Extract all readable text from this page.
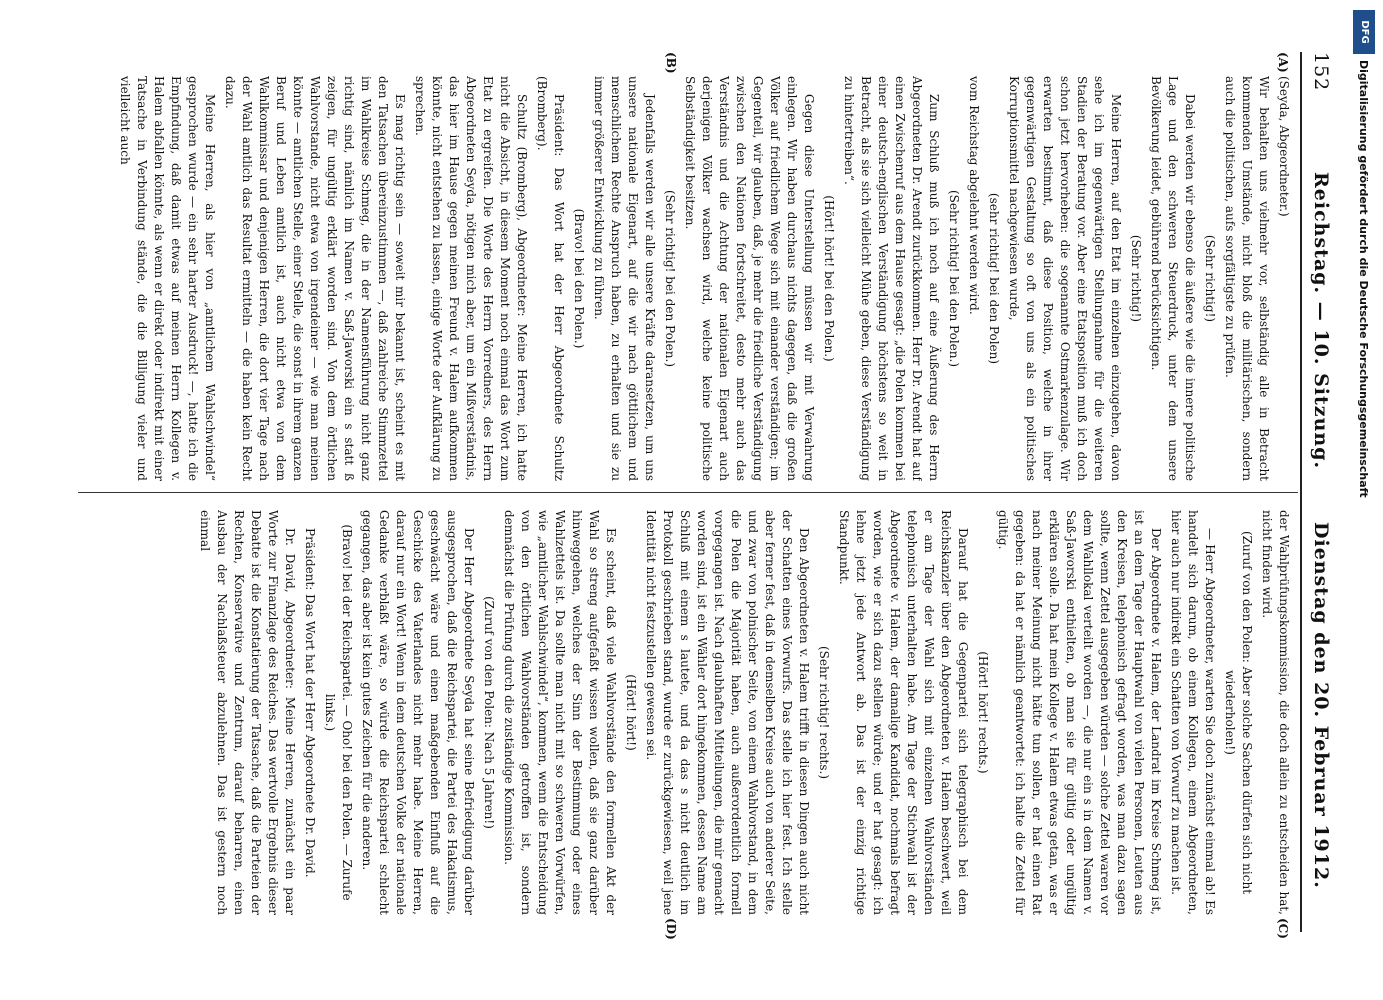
152
Reichstag. — 10. Sitzung.
Dienstag den 20. Februar 1912.
(A)
(B)
(C)
(D)

(Seyda, Abgeordneter.)

Wir behalten uns vielmehr vor, selbständig alle in Betracht kommenden Umstände, nicht bloß die militärischen, sondern auch die politischen, aufs sorgfältigste zu prüfen.

(Sehr richtig!)

Dabei werden wir ebenso die äußere wie die innere politische Lage und den schweren Steuerdruck, unter dem unsere Bevölkerung leidet, gebührend berücksichtigen.

(Sehr richtig!)

Meine Herren, auf den Etat im einzelnen einzugehen, davon sehe ich im gegenwärtigen Stellungnahme für die weiteren Stadien der Beratung vor. Aber eine Etatsposition muß ich doch schon jetzt hervorheben: die sogenannte Ostmarkenzulage. Wir erwarten bestimmt, daß diese Position, welche in ihrer gegenwärtigen Gestaltung so oft von uns als ein politisches Korruptionsmittel nachgewiesen wurde,

(sehr richtig! bei den Polen)

vom Reichstag abgelehnt werden wird.

(Sehr richtig! bei den Polen.)

Zum Schluß muß ich noch auf eine Äußerung des Herrn Abgeordneten Dr. Arendt zurückkommen. Herr Dr. Arendt hat auf einen Zwischenruf aus dem Hause gesagt: „die Polen kommen bei einer deutsch-englischen Verständigung höchstens so weit in Betracht, als sie sich vielleicht Mühe geben, diese Verständigung zu hintertreiben“.

(Hört! hört! bei den Polen.)

Gegen diese Unterstellung müssen wir mit Verwahrung einlegen. Wir haben durchaus nichts dagegen, daß die großen Völker auf friedlichem Wege sich mit einander verständigen; im Gegenteil, wir glauben, daß, je mehr die friedliche Verständigung zwischen den Nationen fortschreitet, desto mehr auch das Verständnis und die Achtung der nationalen Eigenart auch derjenigen Völker wachsen wird, welche keine politische Selbständigkeit besitzen.

(Sehr richtig! bei den Polen.)

Jedenfalls werden wir alle unsere Kräfte daransetzen, um uns unsere nationale Eigenart, auf die wir nach göttlichem und menschlichem Rechte Anspruch haben, zu erhalten und sie zu immer größerer Entwicklung zu führen.

(Bravo! bei den Polen.)

Präsident: Das Wort hat der Herr Abgeordnete Schultz (Bromberg).

Schultz (Bromberg), Abgeordneter: Meine Herren, ich hatte nicht die Absicht, in diesem Moment noch einmal das Wort zum Etat zu ergreifen. Die Worte des Herrn Vorredners, des Herrn Abgeordneten Seyda, nötigen mich aber, um ein Mißverständnis, das hier im Hause gegen meinen Freund v. Halem aufkommen könnte, nicht entstehen zu lassen, einige Worte der Aufklärung zu sprechen.

Es mag richtig sein — soweit mir bekannt ist, scheint es mit den Tatsachen übereinzustimmen —, daß zahlreiche Stimmzettel im Wahlkreise Schmeg, die in der Namensführung nicht ganz richtig sind, nämlich im Namen v. Saß-Jaworski ein s statt ß zeigen, für ungültig erklärt worden sind. Von dem örtlichen Wahlvorstande, nicht etwa von irgendeiner — wie man meinen könnte — amtlichen Stelle, einer Stelle, die sonst in ihrem ganzen Beruf und Leben amtlich ist, auch nicht etwa von dem Wahlkommissar und denjenigen Herren, die dort vier Tage nach der Wahl amtlich das Resultat ermitteln — die haben kein Recht dazu.

Meine Herren, als hier von „amtlichem Wahlschwindel“ gesprochen wurde — ein sehr harter Ausdruck! —, hatte ich die Empfindung, daß damit etwas auf meinen Herrn Kollegen v. Halem abfallen könnte, als wenn er direkt oder indirekt mit einer Tatsache in Verbindung stände, die die Billigung vieler und vielleicht auch

der Wahlprüfungskommission, die doch allein zu entscheiden hat, nicht finden wird.

(Zuruf von den Polen: Aber solche Sachen dürfen sich nicht wiederholen!)

— Herr Abgeordneter, warten Sie doch zunächst einmal ab! Es handelt sich darum, ob einem Kollegen, einem Abgeordneten, hier auch nur indirekt ein Schatten von Vorwurf zu machen ist.

Der Abgeordnete v. Halem, der Landrat im Kreise Schmeg ist, ist an dem Tage der Hauptwahl von vielen Personen, Leuten aus den Kreisen, telephonisch gefragt worden, was man dazu sagen sollte, wenn Zettel ausgegeben würden — solche Zettel waren vor dem Wahllokal verteilt worden —, die nur ein s in dem Namen v. Saß-Jaworski enthielten, ob man sie für gültig oder ungültig erklären solle. Da hat mein Kollege v. Halem etwas getan, was er nach meiner Meinung nicht hätte tun sollen, er hat einen Rat gegeben: da hat er nämlich geantwortet: ich halte die Zettel für gültig.

(Hört! hört! rechts.)

Darauf hat die Gegenpartei sich telegraphisch bei dem Reichskanzler über den Abgeordneten v. Halem beschwert, weil er am Tage der Wahl sich mit einzelnen Wahlvorständen telephonisch unterhalten habe. Am Tage der Stichwahl ist der Abgeordnete v. Halem, der damalige Kandidat, nochmals befragt worden, wie er sich dazu stellen würde; und er hat gesagt: ich lehne jetzt jede Antwort ab. Das ist der einzig richtige Standpunkt.

(Sehr richtig! rechts.)

Den Abgeordneten v. Halem trifft in diesen Dingen auch nicht der Schatten eines Vorwurfs. Das stelle ich hier fest. Ich stelle aber ferner fest, daß in demselben Kreise auch von anderer Seite, und zwar von polnischer Seite, von einem Wahlvorstand, in dem die Polen die Majorität haben, auch außerordentlich formell vorgegangen ist. Nach glaubhaften Mitteilungen, die mir gemacht worden sind, ist ein Wähler dort hingekommen, dessen Name am Schluß mit einem s lautete, und da das s nicht deutlich im Protokoll geschrieben stand, wurde er zurückgewiesen, weil jene Identität nicht festzustellen gewesen sei.

(Hört! hört!)

Es scheint, daß viele Wahlvorstände den formellen Akt der Wahl so streng aufgefaßt wissen wollen, daß sie ganz darüber hinweggehen, welches der Sinn der Bestimmung oder eines Wahlzettels ist. Da sollte man nicht mit so schweren Vorwürfen, wie „amtlicher Wahlschwindel“, kommen, wenn die Entscheidung von den örtlichen Wahlvorständen getroffen ist, sondern demnächst die Prüfung durch die zuständige Kommission.

(Zuruf von den Polen: Nach 5 Jahren!)

Der Herr Abgeordnete Seyda hat seine Befriedigung darüber ausgesprochen, daß die Reichspartei, die Partei des Hakatismus, geschwächt wäre und einen maßgebenden Einfluß auf die Geschicke des Vaterlandes nicht mehr habe. Meine Herren, darauf nur ein Wort! Wenn in dem deutschen Volke der nationale Gedanke verblaßt wäre, so würde die Reichspartei schlecht gegangen, das aber ist kein gutes Zeichen für die anderen.

(Bravo! bei der Reichspartei. — Oho! bei den Polen. — Zurufe links.)

Präsident: Das Wort hat der Herr Abgeordnete Dr. David.

Dr. David, Abgeordneter: Meine Herren, zunächst ein paar Worte zur Finanzlage des Reiches. Das wertvolle Ergebnis dieser Debatte ist die Konstatierung der Tatsache, daß die Parteien der Rechten, Konservative und Zentrum, darauf beharren, einen Ausbau der Nachlaßsteuer abzulehnen. Das ist gestern noch einmal

Digitalisierung gefördert durch die Deutsche Forschungsgemeinschaft
DFG
